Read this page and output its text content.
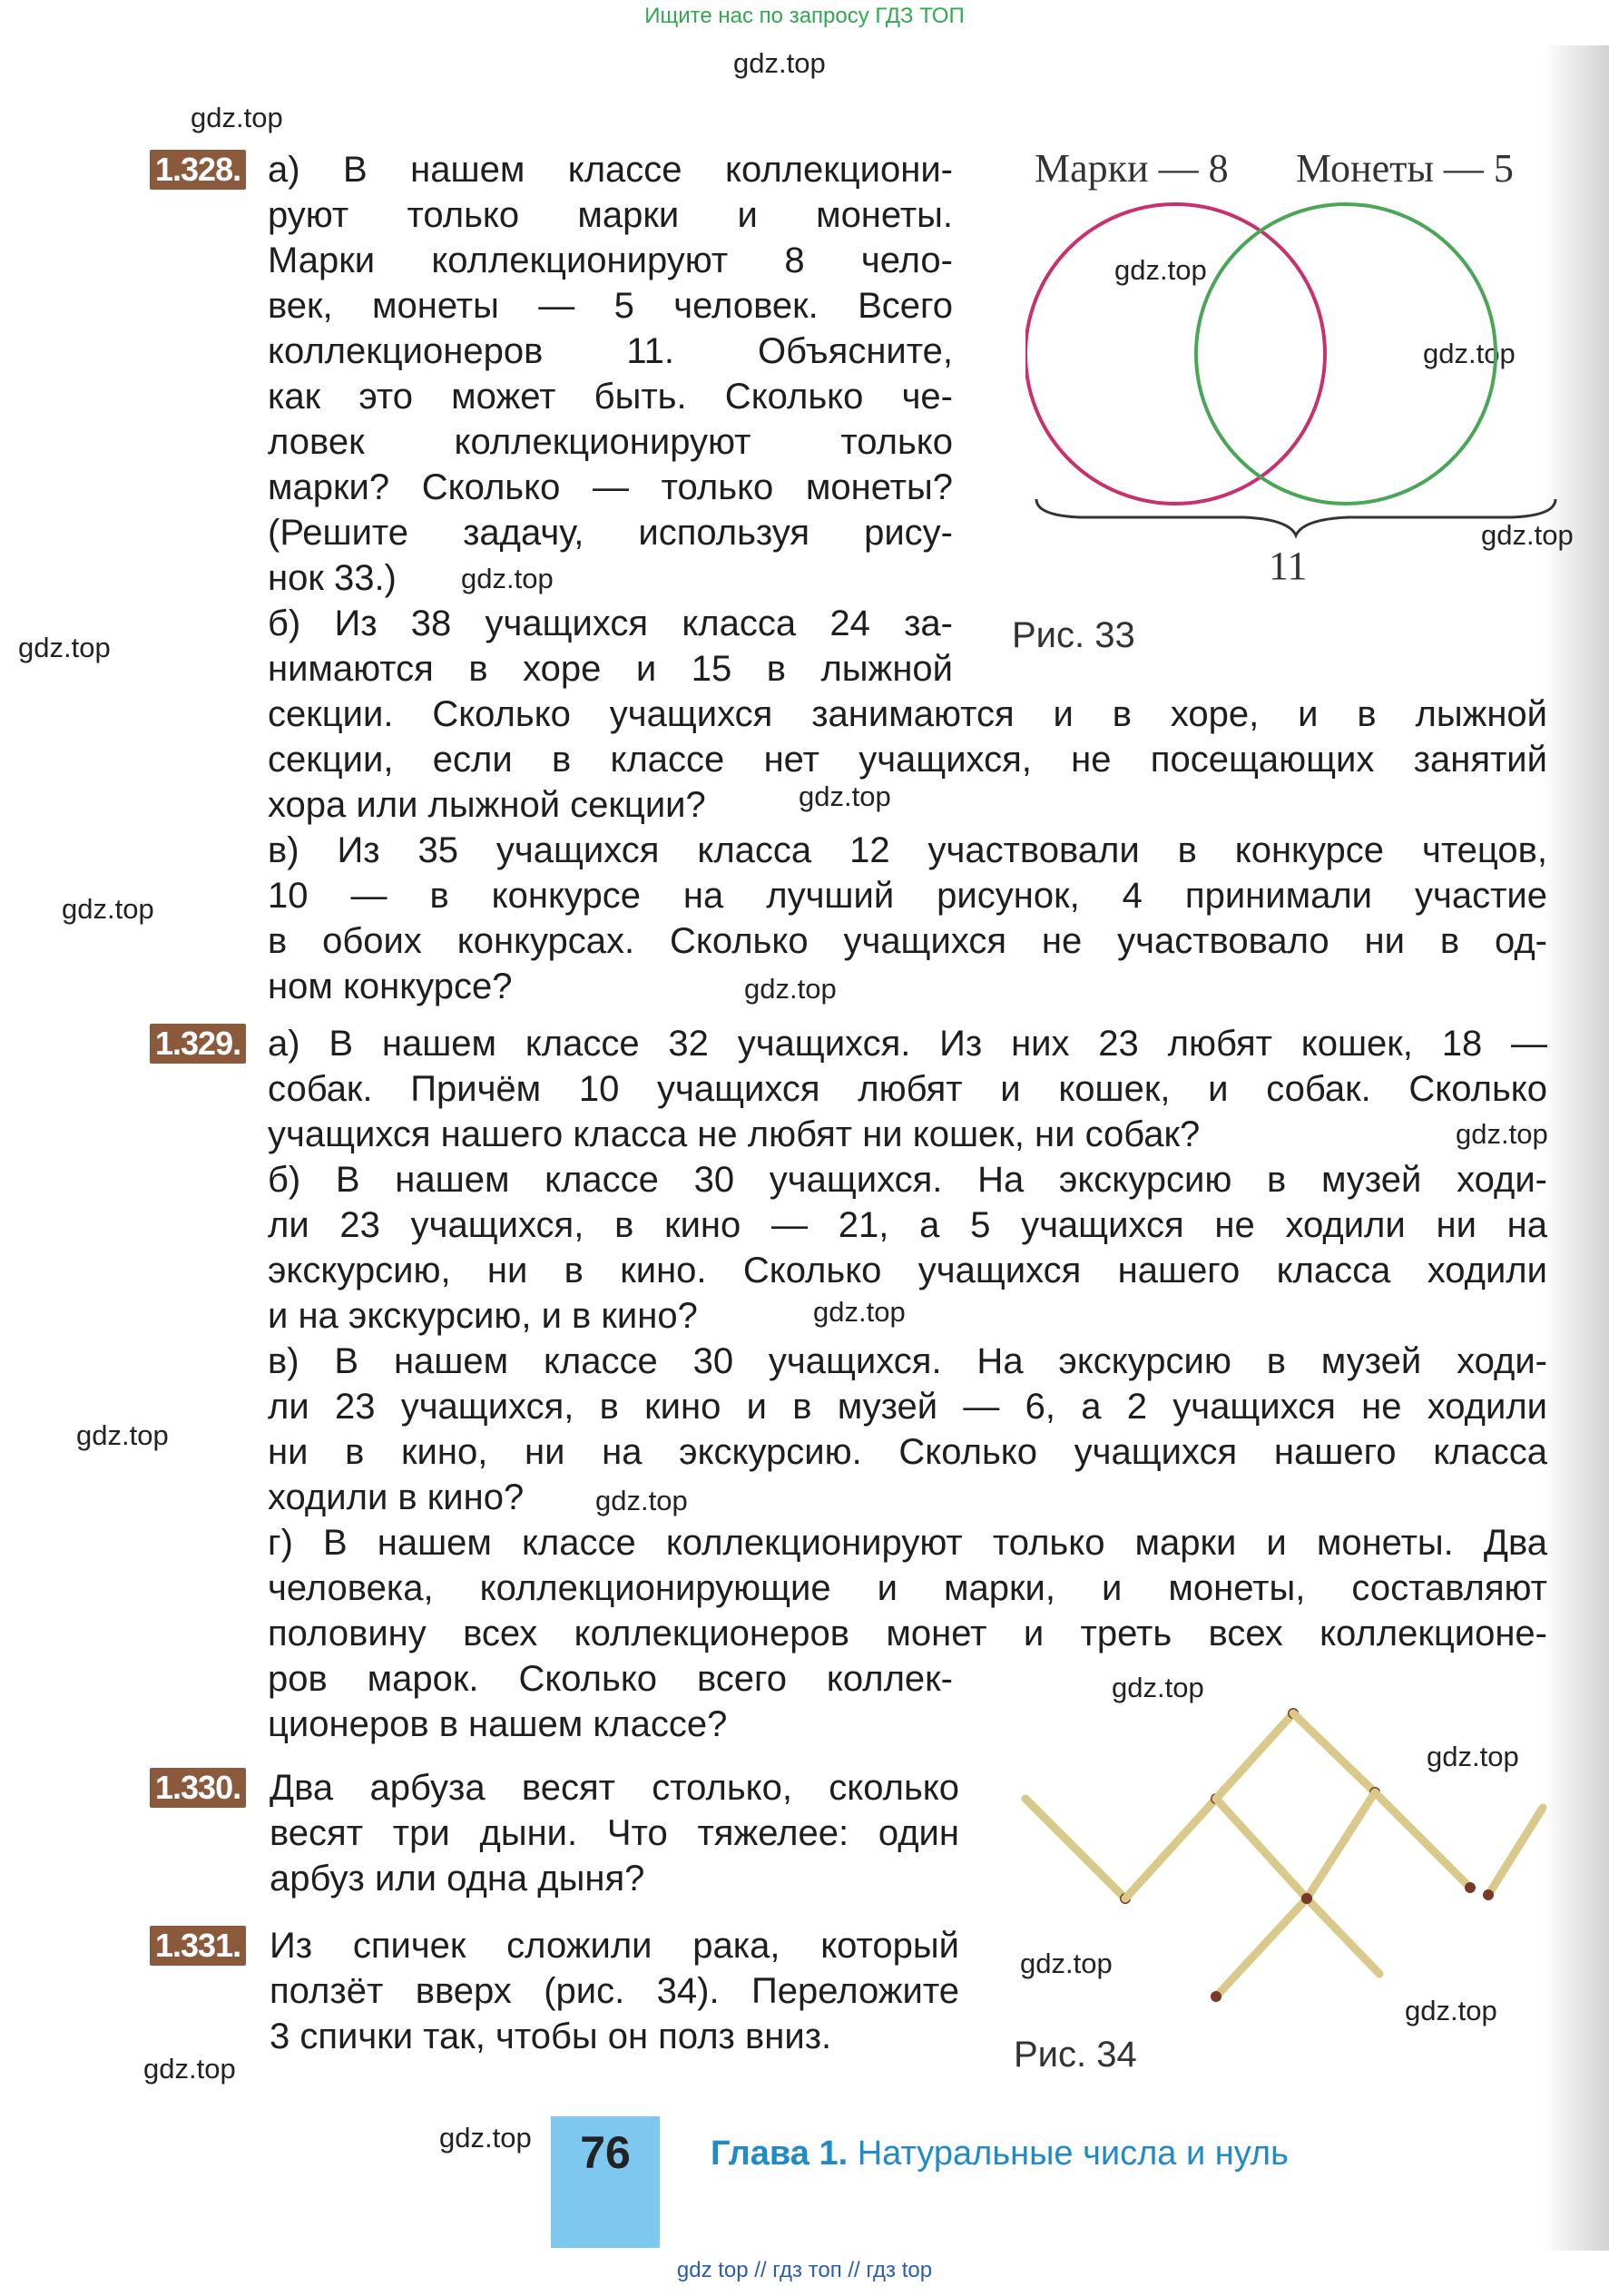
Ищите нас по запросу ГДЗ ТОП
gdz.top
gdz.top
gdz.top
gdz.top
gdz.top
gdz.top
gdz.top
gdz.top
gdz.top
gdz.top
gdz.top
gdz.top
gdz.top
gdz.top
gdz.top
gdz.top
gdz.top
gdz.top
gdz.top
gdz.top
1.328. а) В нашем классе коллекциони-
руют только марки и монеты.
Марки коллекционируют 8 чело-
век, монеты — 5 человек. Всего
коллекционеров 11. Объясните,
как это может быть. Сколько че-
ловек коллекционируют только
марки? Сколько — только монеты?
(Решите задачу, используя рису-
нок 33.)
б) Из 38 учащихся класса 24 за-
нимаются в хоре и 15 в лыжной
секции. Сколько учащихся занимаются и в хоре, и в лыжной
секции, если в классе нет учащихся, не посещающих занятий
хора или лыжной секции?
в) Из 35 учащихся класса 12 участвовали в конкурсе чтецов,
10 — в конкурсе на лучший рисунок, 4 принимали участие
в обоих конкурсах. Сколько учащихся не участвовало ни в од-
ном конкурсе?
Марки — 8 Монеты — 5
11
Рис. 33
1.329. а) В нашем классе 32 учащихся. Из них 23 любят кошек, 18 —
собак. Причём 10 учащихся любят и кошек, и собак. Сколько
учащихся нашего класса не любят ни кошек, ни собак?
б) В нашем классе 30 учащихся. На экскурсию в музей ходи-
ли 23 учащихся, в кино — 21, а 5 учащихся не ходили ни на
экскурсию, ни в кино. Сколько учащихся нашего класса ходили
и на экскурсию, и в кино?
в) В нашем классе 30 учащихся. На экскурсию в музей ходи-
ли 23 учащихся, в кино и в музей — 6, а 2 учащихся не ходили
ни в кино, ни на экскурсию. Сколько учащихся нашего класса
ходили в кино?
г) В нашем классе коллекционируют только марки и монеты. Два
человека, коллекционирующие и марки, и монеты, составляют
половину всех коллекционеров монет и треть всех коллекционе-
ров марок. Сколько всего коллек-
ционеров в нашем классе?
1.330. Два арбуза весят столько, сколько
весят три дыни. Что тяжелее: один
арбуз или одна дыня?
1.331. Из спичек сложили рака, который
ползёт вверх (рис. 34). Переложите
3 спички так, чтобы он полз вниз.	Рис. 34
76	Глава 1. Натуральные числа и нуль
gdz top // гдз топ // гдз top
